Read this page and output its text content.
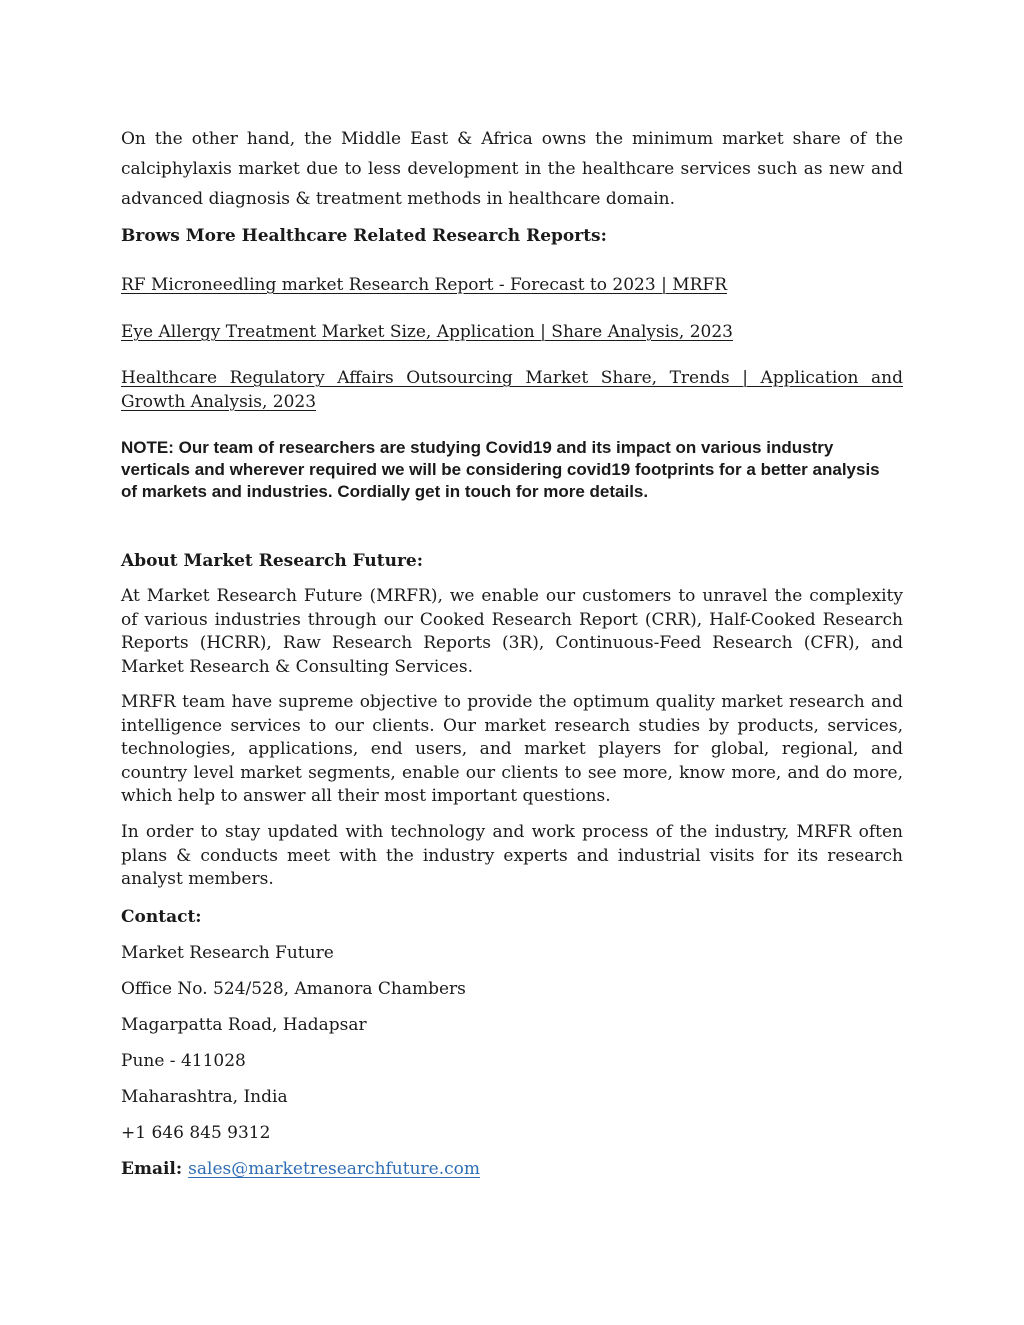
On the other hand, the Middle East & Africa owns the minimum market share of the calciphylaxis market due to less development in the healthcare services such as new and advanced diagnosis & treatment methods in healthcare domain.

Brows More Healthcare Related Research Reports:

RF Microneedling market Research Report - Forecast to 2023 | MRFR

Eye Allergy Treatment Market Size, Application | Share Analysis, 2023

Healthcare Regulatory Affairs Outsourcing Market Share, Trends | Application and Growth Analysis, 2023

NOTE: Our team of researchers are studying Covid19 and its impact on various industry verticals and wherever required we will be considering covid19 footprints for a better analysis of markets and industries. Cordially get in touch for more details.

About Market Research Future:

At Market Research Future (MRFR), we enable our customers to unravel the complexity of various industries through our Cooked Research Report (CRR), Half-Cooked Research Reports (HCRR), Raw Research Reports (3R), Continuous-Feed Research (CFR), and Market Research & Consulting Services.

MRFR team have supreme objective to provide the optimum quality market research and intelligence services to our clients. Our market research studies by products, services, technologies, applications, end users, and market players for global, regional, and country level market segments, enable our clients to see more, know more, and do more, which help to answer all their most important questions.

In order to stay updated with technology and work process of the industry, MRFR often plans & conducts meet with the industry experts and industrial visits for its research analyst members.

Contact:

Market Research Future

Office No. 524/528, Amanora Chambers

Magarpatta Road, Hadapsar

Pune - 411028

Maharashtra, India

+1 646 845 9312

Email: sales@marketresearchfuture.com
